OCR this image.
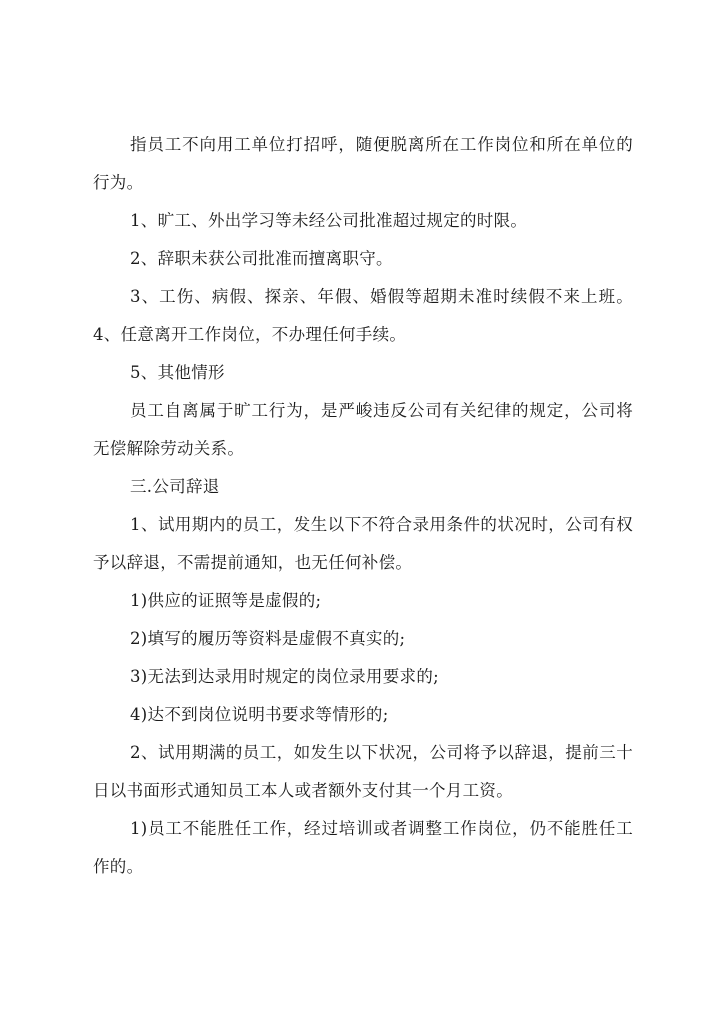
指员工不向用工单位打招呼，随便脱离所在工作岗位和所在单位的行为。

1、旷工、外出学习等未经公司批准超过规定的时限。

2、辞职未获公司批准而擅离职守。

3、工伤、病假、探亲、年假、婚假等超期未准时续假不来上班。4、任意离开工作岗位，不办理任何手续。

5、其他情形

员工自离属于旷工行为，是严峻违反公司有关纪律的规定，公司将无偿解除劳动关系。

三.公司辞退

1、试用期内的员工，发生以下不符合录用条件的状况时，公司有权予以辞退，不需提前通知，也无任何补偿。

1)供应的证照等是虚假的;

2)填写的履历等资料是虚假不真实的;

3)无法到达录用时规定的岗位录用要求的;

4)达不到岗位说明书要求等情形的;

2、试用期满的员工，如发生以下状况，公司将予以辞退，提前三十日以书面形式通知员工本人或者额外支付其一个月工资。

1)员工不能胜任工作，经过培训或者调整工作岗位，仍不能胜任工作的。
